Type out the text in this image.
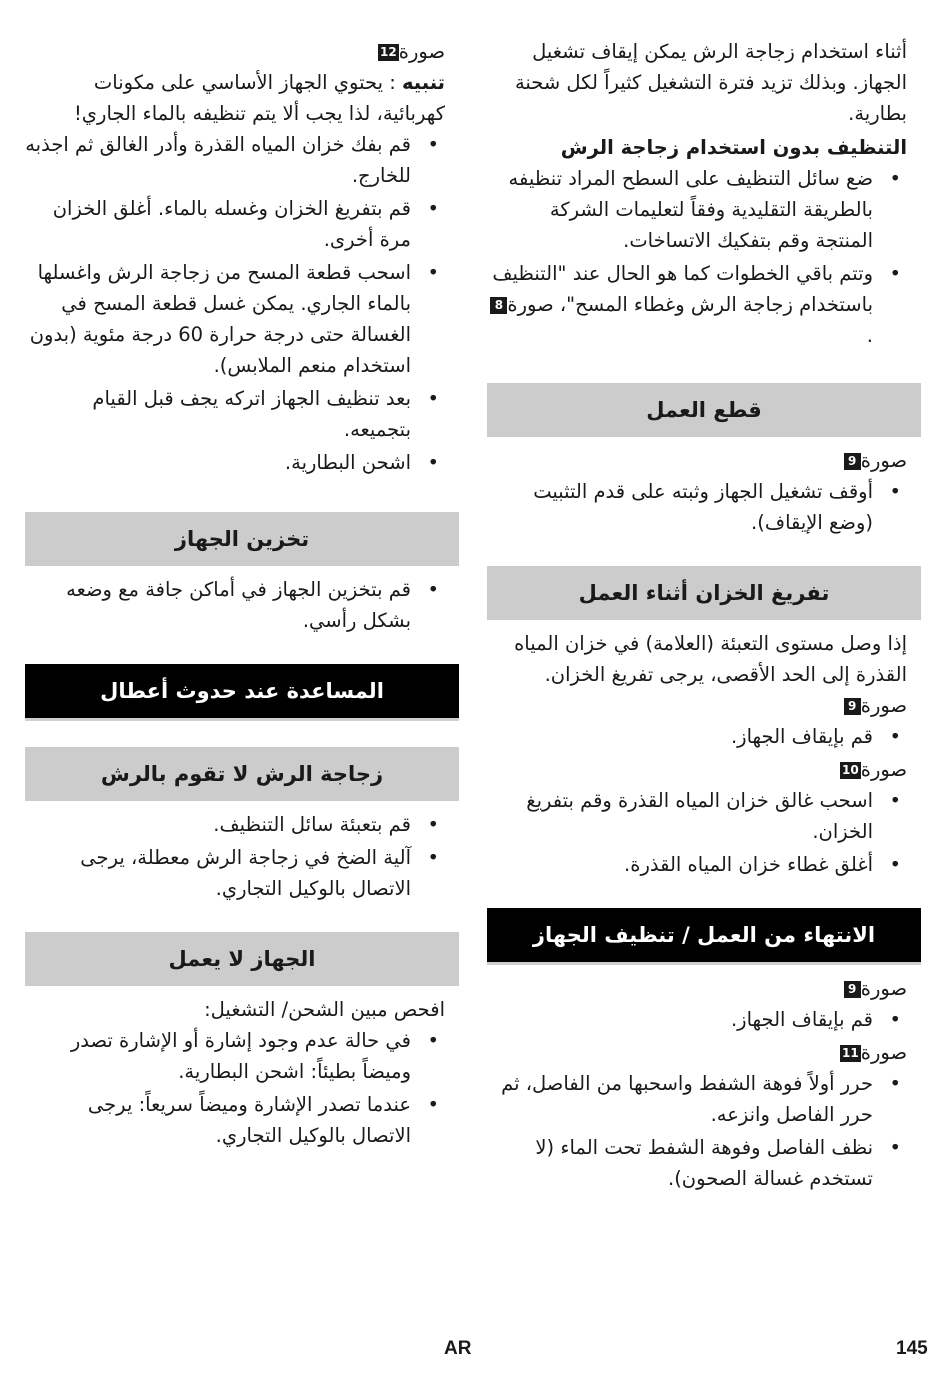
أثناء استخدام زجاجة الرش يمكن إيقاف تشغيل الجهاز. وبذلك تزيد فترة التشغيل كثيراً لكل شحنة بطارية.

التنظيف بدون استخدام زجاجة الرش

•
ضع سائل التنظيف على السطح المراد تنظيفه بالطريقة التقليدية وفقاً لتعليمات الشركة المنتجة وقم بتفكيك الاتساخات.
•
وتتم باقي الخطوات كما هو الحال عند "التنظيف باستخدام زجاجة الرش وغطاء المسح"، صورة8.
قطع العمل

صورة9

•
أوقف تشغيل الجهاز وثبته على قدم التثبيت (وضع الإيقاف).
تفريغ الخزان أثناء العمل

إذا وصل مستوى التعبئة (العلامة) في خزان المياه القذرة إلى الحد الأقصى، يرجى تفريغ الخزان.

صورة9

•
قم بإيقاف الجهاز.

صورة10

•
اسحب غالق خزان المياه القذرة وقم بتفريغ الخزان.
•
أغلق غطاء خزان المياه القذرة.
الانتهاء من العمل / تنظيف الجهاز

صورة9

•
قم بإيقاف الجهاز.

صورة11

•
حرر أولاً فوهة الشفط واسحبها من الفاصل، ثم حرر الفاصل وانزعه.
•
نظف الفاصل وفوهة الشفط تحت الماء (لا تستخدم غسالة الصحون).

صورة12

تنبيه : يحتوي الجهاز الأساسي على مكونات كهربائية، لذا يجب ألا يتم تنظيفه بالماء الجاري!

•
قم بفك خزان المياه القذرة وأدر الغالق ثم اجذبه للخارج.
•
قم بتفريغ الخزان وغسله بالماء. أغلق الخزان مرة أخرى.
•
اسحب قطعة المسح من زجاجة الرش واغسلها بالماء الجاري. يمكن غسل قطعة المسح في الغسالة حتى درجة حرارة 60 درجة مئوية (بدون استخدام منعم الملابس).
•
بعد تنظيف الجهاز اتركه يجف قبل القيام بتجميعه.
•
اشحن البطارية.
تخزين الجهاز
•
قم بتخزين الجهاز في أماكن جافة مع وضعه بشكل رأسي.
المساعدة عند حدوث أعطال
زجاجة الرش لا تقوم بالرش
•
قم بتعبئة سائل التنظيف.
•
آلية الضخ في زجاجة الرش معطلة، يرجى الاتصال بالوكيل التجاري.
الجهاز لا يعمل

افحص مبين الشحن/ التشغيل:

•
في حالة عدم وجود إشارة أو الإشارة تصدر وميضاً بطيئاً: اشحن البطارية.
•
عندما تصدر الإشارة وميضاً سريعاً: يرجى الاتصال بالوكيل التجاري.
AR	145
